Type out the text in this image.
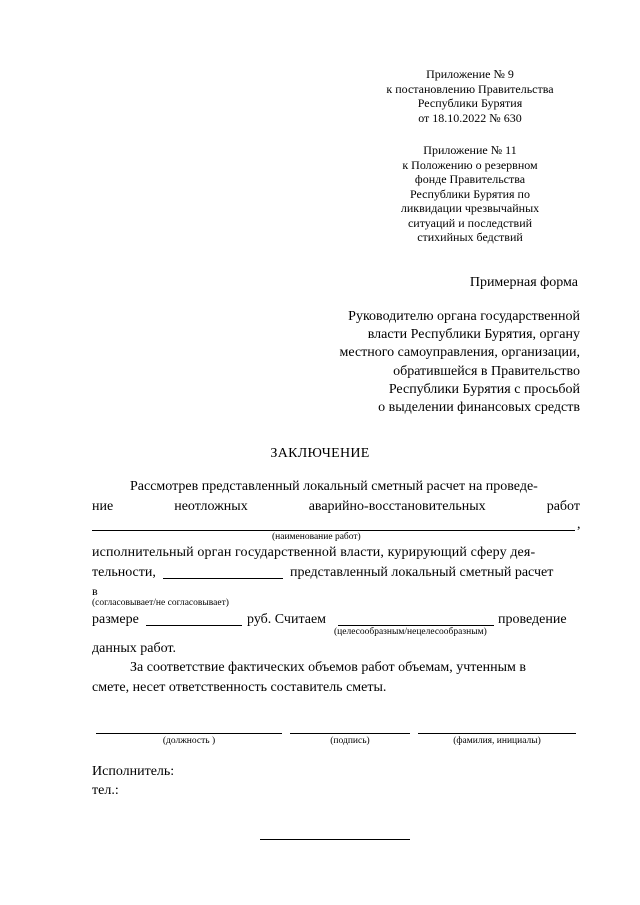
Приложение № 9
к постановлению Правительства
Республики Бурятия
от 18.10.2022 № 630
Приложение № 11
к Положению о резервном
фонде Правительства
Республики Бурятия по
ликвидации чрезвычайных
ситуаций и последствий
стихийных бедствий
Примерная форма
Руководителю органа государственной
власти Республики Бурятия, органу
местного самоуправления, организации,
обратившейся в Правительство
Республики Бурятия с просьбой
о выделении финансовых средств
ЗАКЛЮЧЕНИЕ
Рассмотрев представленный локальный сметный расчет на проведе-
ние	неотложных	аварийно-восстановительных	работ
,
(наименование работ)
исполнительный орган государственной власти, курирующий сферу дея-
тельности,	представленный локальный сметный расчет
в
(согласовывает/не согласовывает)
размере	руб. Считаем	проведение
(целесообразным/нецелесообразным)
данных работ.
За соответствие фактических объемов работ объемам, учтенным в
смете, несет ответственность составитель сметы.
(должность )	(подпись)	(фамилия, инициалы)
Исполнитель:
тел.:
